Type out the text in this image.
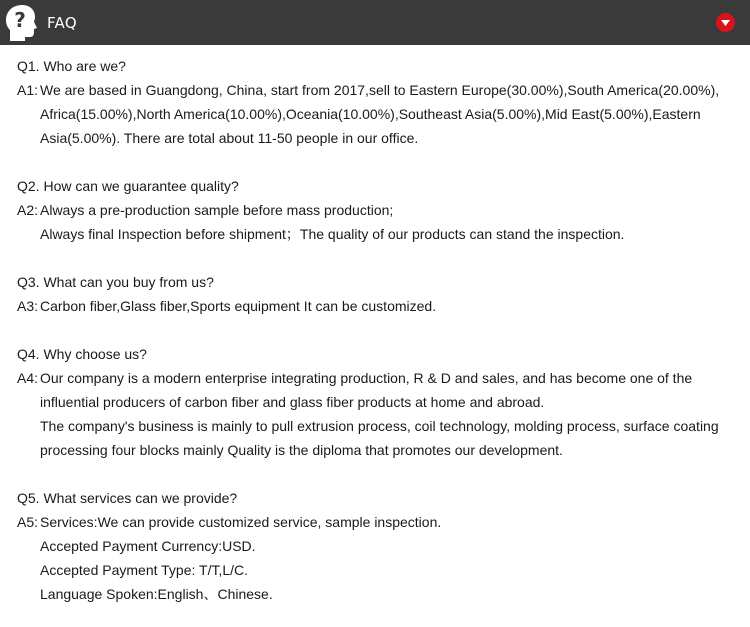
? FAQ
Q1. Who are we?
A1: We are based in Guangdong, China, start from 2017,sell to Eastern Europe(30.00%),South America(20.00%),
Africa(15.00%),North America(10.00%),Oceania(10.00%),Southeast Asia(5.00%),Mid East(5.00%),Eastern
Asia(5.00%). There are total about 11-50 people in our office.
Q2. How can we guarantee quality?
A2: Always a pre-production sample before mass production;
Always final Inspection before shipment；The quality of our products can stand the inspection.
Q3. What can you buy from us?
A3: Carbon fiber,Glass fiber,Sports equipment It can be customized.
Q4. Why choose us?
A4: Our company is a modern enterprise integrating production, R & D and sales, and has become one of the
influential producers of carbon fiber and glass fiber products at home and abroad.
The company's business is mainly to pull extrusion process, coil technology, molding process, surface coating
processing four blocks mainly Quality is the diploma that promotes our development.
Q5. What services can we provide?
A5: Services:We can provide customized service, sample inspection.
Accepted Payment Currency:USD.
Accepted Payment Type: T/T,L/C.
Language Spoken:English、Chinese.
